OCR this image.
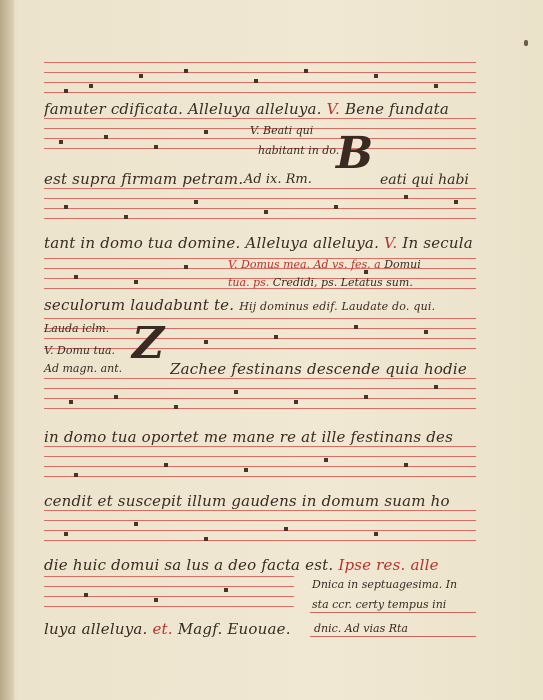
famuter cdificata. Alleluya alleluya. V. Bene fundata
V. Beati qui
habitant in do.
est supra firmam petram. Ad ix. Rm.
B
eati qui habi
tant in domo tua domine. Alleluya alleluya. V. In secula
V. Domus mea. Ad vs. fes. a Domui
tua. ps. Credidi, ps. Letatus sum.
seculorum laudabunt te. Hij dominus edif. Laudate do. qui.
Lauda iclm.
V. Domu tua.
Ad magn. ant. Z Zachee festinans descende quia hodie
in domo tua oportet me mane re at ille festinans des
cendit et suscepit illum gaudens in domum suam ho
die huic domui sa lus a deo facta est. Ipse res. alle
Dnica in septuagesima. In
sta ccr. certy tempus ini
luya alleluya. et. Magf. Euouae.	dnic. Ad vias Rta
